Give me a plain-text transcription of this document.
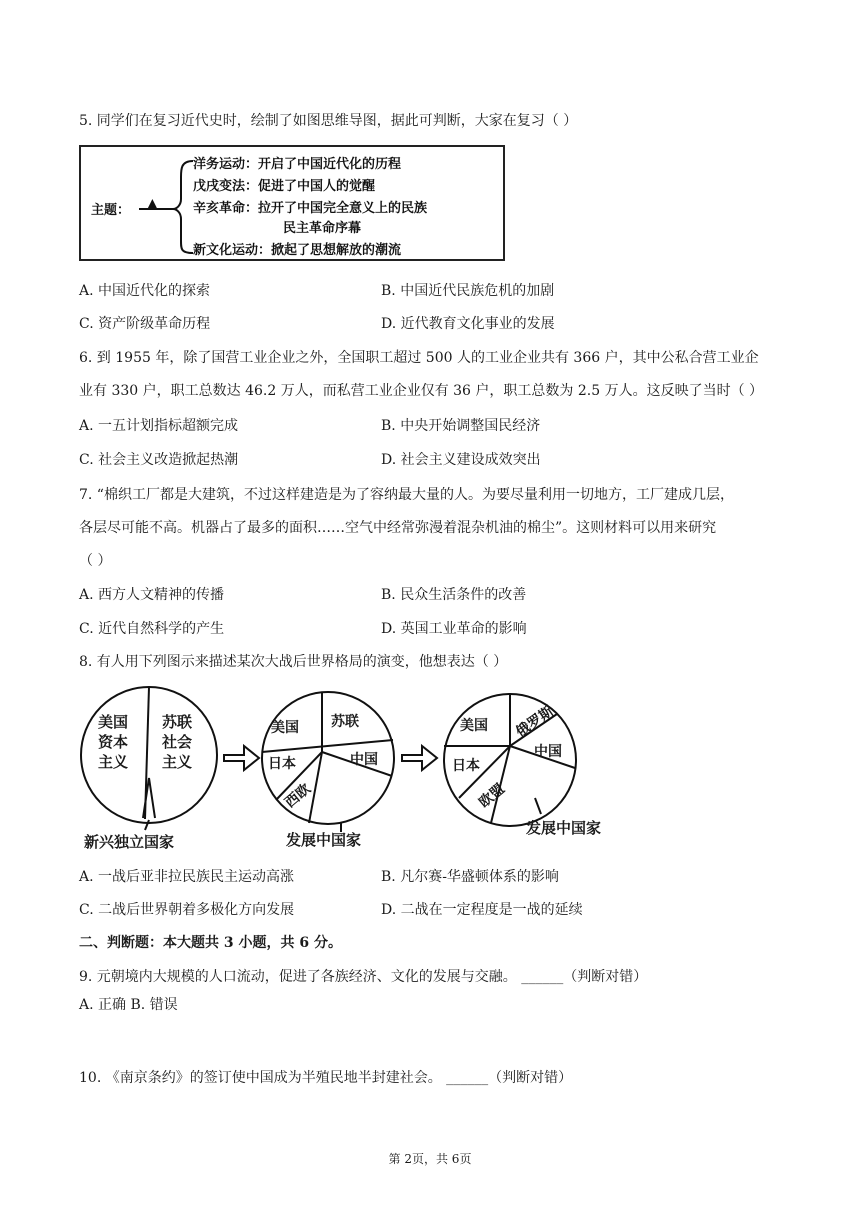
5. 同学们在复习近代史时，绘制了如图思维导图，据此可判断，大家在复习（ ）
主题： ▲
洋务运动：开启了中国近代化的历程
戊戌变法：促进了中国人的觉醒
辛亥革命：拉开了中国完全意义上的民族
民主革命序幕
新文化运动：掀起了思想解放的潮流
A. 中国近代化的探索	B. 中国近代民族危机的加剧
C. 资产阶级革命历程	D. 近代教育文化事业的发展
6. 到 1955 年，除了国营工业企业之外，全国职工超过 500 人的工业企业共有 366 户，其中公私合营工业企
业有 330 户，职工总数达 46.2 万人，而私营工业企业仅有 36 户，职工总数为 2.5 万人。这反映了当时（ ）
A. 一五计划指标超额完成	B. 中央开始调整国民经济
C. 社会主义改造掀起热潮	D. 社会主义建设成效突出
7. “棉织工厂都是大建筑，不过这样建造是为了容纳最大量的人。为要尽量利用一切地方，工厂建成几层，
各层尽可能不高。机器占了最多的面积……空气中经常弥漫着混杂机油的棉尘”。这则材料可以用来研究
（ ）
A. 西方人文精神的传播	B. 民众生活条件的改善
C. 近代自然科学的产生	D. 英国工业革命的影响
8. 有人用下列图示来描述某次大战后世界格局的演变，他想表达（ ）
美国资本主义
苏联社会主义
新兴独立国家
美国 苏联
日本	中国
西欧
发展中国家
美国 俄罗斯
中国
日本
欧盟
发展中国家
A. 一战后亚非拉民族民主运动高涨	B. 凡尔赛-华盛顿体系的影响
C. 二战后世界朝着多极化方向发展	D. 二战在一定程度是一战的延续
二、判断题：本大题共 3 小题，共 6 分。
9. 元朝境内大规模的人口流动，促进了各族经济、文化的发展与交融。 ______（判断对错）
A. 正确 B. 错误
10. 《南京条约》的签订使中国成为半殖民地半封建社会。 ______（判断对错）
第 2页，共 6页
